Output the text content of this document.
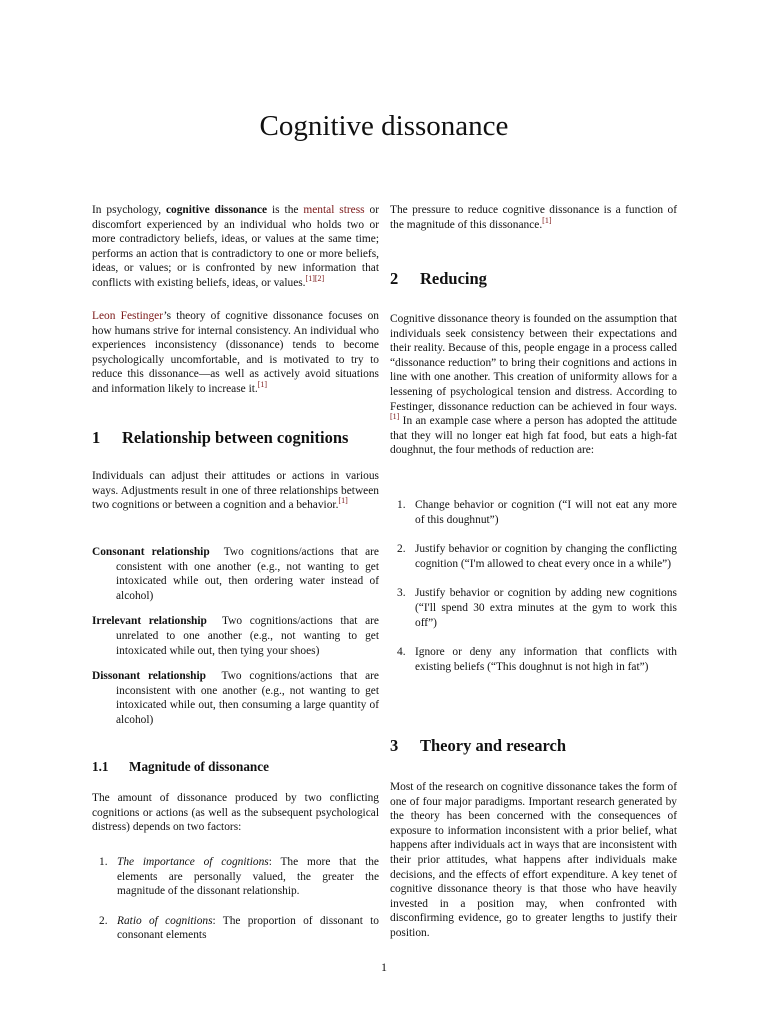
Cognitive dissonance

In psychology, cognitive dissonance is the mental stress or discomfort experienced by an individual who holds two or more contradictory beliefs, ideas, or values at the same time; performs an action that is contradictory to one or more beliefs, ideas, or values; or is confronted by new information that conflicts with existing beliefs, ideas, or values.[1][2]

Leon Festinger’s theory of cognitive dissonance focuses on how humans strive for internal consistency. An individual who experiences inconsistency (dissonance) tends to become psychologically uncomfortable, and is motivated to try to reduce this dissonance—as well as actively avoid situations and information likely to increase it.[1]

1 Relationship between cognitions

Individuals can adjust their attitudes or actions in various ways. Adjustments result in one of three relationships between two cognitions or between a cognition and a behavior.[1]

Consonant relationship Two cognitions/actions that are consistent with one another (e.g., not wanting to get intoxicated while out, then ordering water instead of alcohol)
Irrelevant relationship Two cognitions/actions that are unrelated to one another (e.g., not wanting to get intoxicated while out, then tying your shoes)
Dissonant relationship Two cognitions/actions that are inconsistent with one another (e.g., not wanting to get intoxicated while out, then consuming a large quantity of alcohol)
1.1 Magnitude of dissonance

The amount of dissonance produced by two conflicting cognitions or actions (as well as the subsequent psychological distress) depends on two factors:

1. The importance of cognitions: The more that the elements are personally valued, the greater the magnitude of the dissonant relationship.
2. Ratio of cognitions: The proportion of dissonant to consonant elements

The pressure to reduce cognitive dissonance is a function of the magnitude of this dissonance.[1]

2 Reducing

Cognitive dissonance theory is founded on the assumption that individuals seek consistency between their expectations and their reality. Because of this, people engage in a process called “dissonance reduction” to bring their cognitions and actions in line with one another. This creation of uniformity allows for a lessening of psychological tension and distress. According to Festinger, dissonance reduction can be achieved in four ways.[1] In an example case where a person has adopted the attitude that they will no longer eat high fat food, but eats a high-fat doughnut, the four methods of reduction are:

1. Change behavior or cognition (“I will not eat any more of this doughnut”)
2. Justify behavior or cognition by changing the conflicting cognition (“I'm allowed to cheat every once in a while”)
3. Justify behavior or cognition by adding new cognitions (“I'll spend 30 extra minutes at the gym to work this off”)
4. Ignore or deny any information that conflicts with existing beliefs (“This doughnut is not high in fat”)
3 Theory and research

Most of the research on cognitive dissonance takes the form of one of four major paradigms. Important research generated by the theory has been concerned with the consequences of exposure to information inconsistent with a prior belief, what happens after individuals act in ways that are inconsistent with their prior attitudes, what happens after individuals make decisions, and the effects of effort expenditure. A key tenet of cognitive dissonance theory is that those who have heavily invested in a position may, when confronted with disconfirming evidence, go to greater lengths to justify their position.

1
